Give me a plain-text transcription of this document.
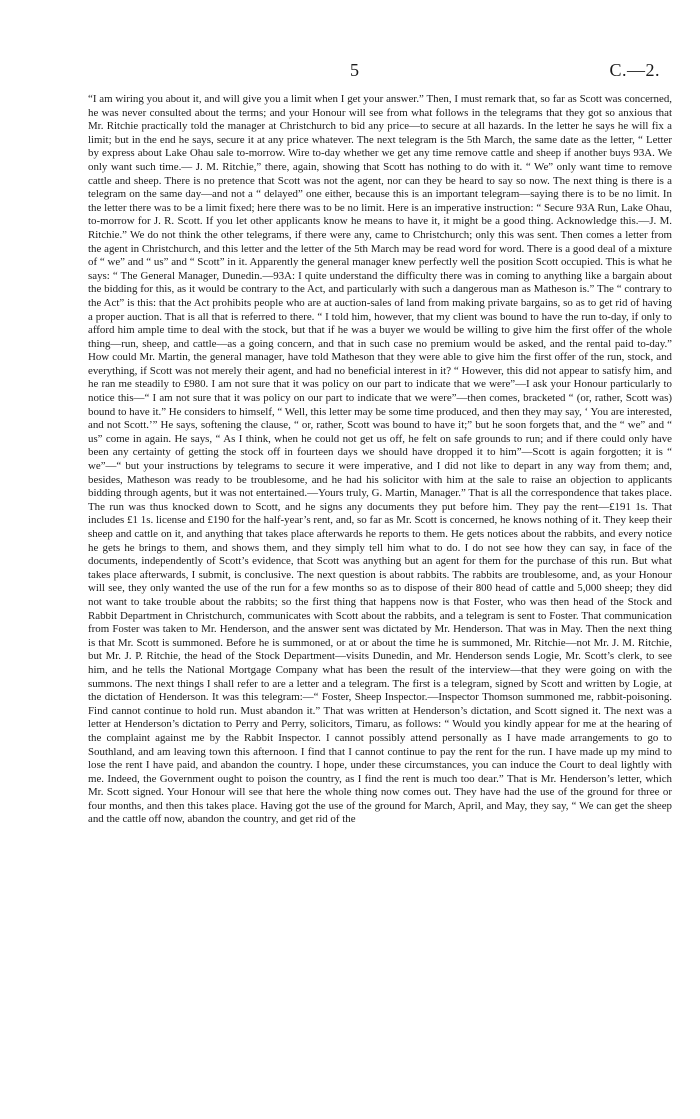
5	C.—2.

“I am wiring you about it, and will give you a limit when I get your answer.” Then, I must remark that, so far as Scott was concerned, he was never consulted about the terms; and your Honour will see from what follows in the telegrams that they got so anxious that Mr. Ritchie practically told the manager at Christchurch to bid any price—to secure at all hazards. In the letter he says he will fix a limit; but in the end he says, secure it at any price whatever. The next telegram is the 5th March, the same date as the letter, “ Letter by express about Lake Ohau sale to-morrow. Wire to-day whether we get any time remove cattle and sheep if another buys 93A. We only want such time.— J. M. Ritchie,” there, again, showing that Scott has nothing to do with it. “ We” only want time to remove cattle and sheep. There is no pretence that Scott was not the agent, nor can they be heard to say so now. The next thing is there is a telegram on the same day—and not a “ delayed” one either, because this is an important telegram—saying there is to be no limit. In the letter there was to be a limit fixed; here there was to be no limit. Here is an imperative instruction: “ Secure 93A Run, Lake Ohau, to-morrow for J. R. Scott. If you let other applicants know he means to have it, it might be a good thing. Acknowledge this.—J. M. Ritchie.” We do not think the other telegrams, if there were any, came to Christchurch; only this was sent. Then comes a letter from the agent in Christchurch, and this letter and the letter of the 5th March may be read word for word. There is a good deal of a mixture of “ we” and “ us” and “ Scott” in it. Apparently the general manager knew perfectly well the position Scott occupied. This is what he says: “ The General Manager, Dunedin.—93A: I quite understand the difficulty there was in coming to anything like a bargain about the bidding for this, as it would be contrary to the Act, and particularly with such a dangerous man as Matheson is.” The “ contrary to the Act” is this: that the Act prohibits people who are at auction-sales of land from making private bargains, so as to get rid of having a proper auction. That is all that is referred to there. “ I told him, however, that my client was bound to have the run to-day, if only to afford him ample time to deal with the stock, but that if he was a buyer we would be willing to give him the first offer of the whole thing—run, sheep, and cattle—as a going concern, and that in such case no premium would be asked, and the rental paid to-day.” How could Mr. Martin, the general manager, have told Matheson that they were able to give him the first offer of the run, stock, and everything, if Scott was not merely their agent, and had no beneficial interest in it? “ However, this did not appear to satisfy him, and he ran me steadily to £980. I am not sure that it was policy on our part to indicate that we were”—I ask your Honour particularly to notice this—“ I am not sure that it was policy on our part to indicate that we were”—then comes, bracketed “ (or, rather, Scott was) bound to have it.” He considers to himself, “ Well, this letter may be some time produced, and then they may say, ‘ You are interested, and not Scott.’” He says, softening the clause, “ or, rather, Scott was bound to have it;” but he soon forgets that, and the “ we” and “ us” come in again. He says, “ As I think, when he could not get us off, he felt on safe grounds to run; and if there could only have been any certainty of getting the stock off in fourteen days we should have dropped it to him”—Scott is again forgotten; it is “ we”—“ but your instructions by telegrams to secure it were imperative, and I did not like to depart in any way from them; and, besides, Matheson was ready to be troublesome, and he had his solicitor with him at the sale to raise an objection to applicants bidding through agents, but it was not entertained.—Yours truly, G. Martin, Manager.” That is all the correspondence that takes place. The run was thus knocked down to Scott, and he signs any documents they put before him. They pay the rent—£191 1s. That includes £1 1s. license and £190 for the half-year’s rent, and, so far as Mr. Scott is concerned, he knows nothing of it. They keep their sheep and cattle on it, and anything that takes place afterwards he reports to them. He gets notices about the rabbits, and every notice he gets he brings to them, and shows them, and they simply tell him what to do. I do not see how they can say, in face of the documents, independently of Scott’s evidence, that Scott was anything but an agent for them for the purchase of this run. But what takes place afterwards, I submit, is conclusive. The next question is about rabbits. The rabbits are troublesome, and, as your Honour will see, they only wanted the use of the run for a few months so as to dispose of their 800 head of cattle and 5,000 sheep; they did not want to take trouble about the rabbits; so the first thing that happens now is that Foster, who was then head of the Stock and Rabbit Department in Christchurch, communicates with Scott about the rabbits, and a telegram is sent to Foster. That communication from Foster was taken to Mr. Henderson, and the answer sent was dictated by Mr. Henderson. That was in May. Then the next thing is that Mr. Scott is summoned. Before he is summoned, or at or about the time he is summoned, Mr. Ritchie—not Mr. J. M. Ritchie, but Mr. J. P. Ritchie, the head of the Stock Department—visits Dunedin, and Mr. Henderson sends Logie, Mr. Scott’s clerk, to see him, and he tells the National Mortgage Company what has been the result of the interview—that they were going on with the summons. The next things I shall refer to are a letter and a telegram. The first is a telegram, signed by Scott and written by Logie, at the dictation of Henderson. It was this telegram:—“ Foster, Sheep Inspector.—Inspector Thomson summoned me, rabbit-poisoning. Find cannot continue to hold run. Must abandon it.” That was written at Henderson’s dictation, and Scott signed it. The next was a letter at Henderson’s dictation to Perry and Perry, solicitors, Timaru, as follows: “ Would you kindly appear for me at the hearing of the complaint against me by the Rabbit Inspector. I cannot possibly attend personally as I have made arrangements to go to Southland, and am leaving town this afternoon. I find that I cannot continue to pay the rent for the run. I have made up my mind to lose the rent I have paid, and abandon the country. I hope, under these circumstances, you can induce the Court to deal lightly with me. Indeed, the Government ought to poison the country, as I find the rent is much too dear.” That is Mr. Henderson’s letter, which Mr. Scott signed. Your Honour will see that here the whole thing now comes out. They have had the use of the ground for three or four months, and then this takes place. Having got the use of the ground for March, April, and May, they say, “ We can get the sheep and the cattle off now, abandon the country, and get rid of the
